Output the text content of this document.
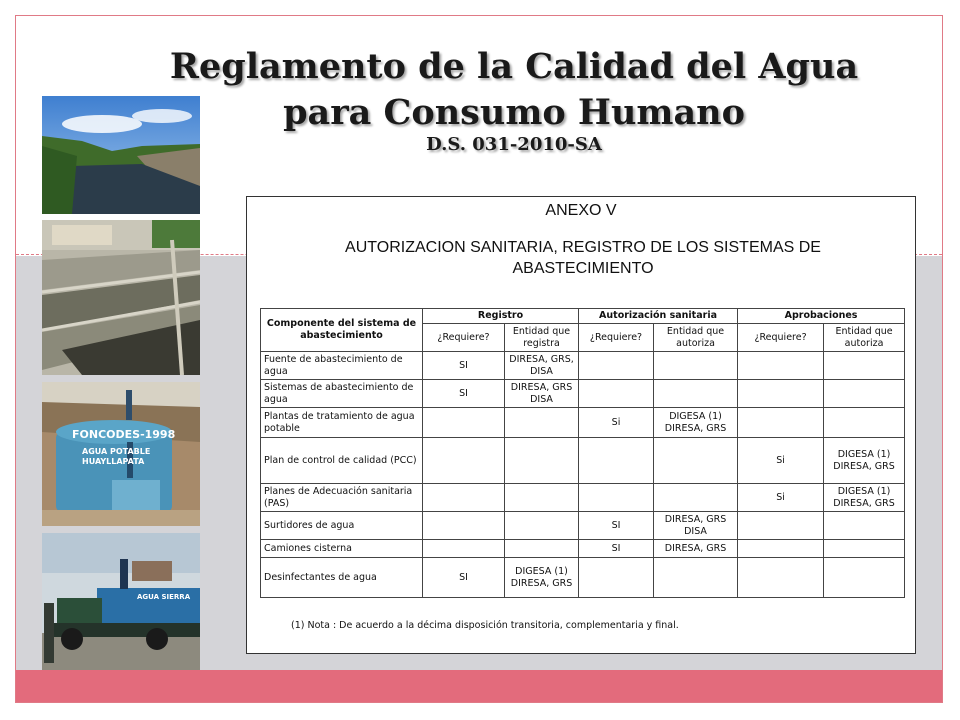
Reglamento de la Calidad del Agua
para Consumo Humano
D.S. 031-2010-SA
FONCODES-1998
AGUA POTABLE
HUAYLLAPATA
AGUA SIERRA
ANEXO V
AUTORIZACION SANITARIA, REGISTRO DE LOS SISTEMAS DE ABASTECIMIENTO
Componente del sistema de abastecimiento	Registro		Autorización sanitaria		Aprobaciones	
	¿Requiere?	Entidad que registra	¿Requiere?	Entidad que autoriza	¿Requiere?	Entidad que autoriza
Fuente de abastecimiento de agua	SI	DIRESA, GRS, DISA				
Sistemas de abastecimiento de agua	SI	DIRESA, GRS DISA				
Plantas de tratamiento de agua potable			Si	DIGESA (1) DIRESA, GRS		
Plan de control de calidad (PCC)					Si	DIGESA (1) DIRESA, GRS
Planes de Adecuación sanitaria (PAS)					Si	DIGESA (1) DIRESA, GRS
Surtidores de agua			SI	DIRESA, GRS DISA		
Camiones cisterna			SI	DIRESA, GRS		
Desinfectantes de agua	SI	DIGESA (1) DIRESA, GRS				
(1) Nota : De acuerdo a la décima disposición transitoria, complementaria y final.
